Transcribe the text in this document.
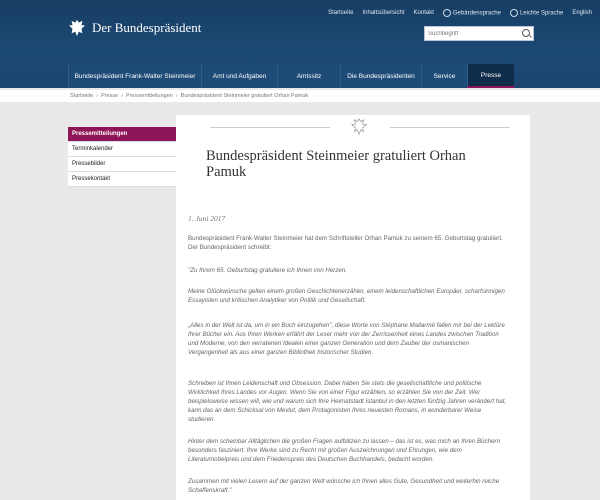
Der Bundespräsident
Startseite Inhaltsübersicht Kontakt	Gebärdensprache	Leichte Sprache English
Suchbegriff
Bundespräsident Frank-Walter Steinmeier	Amt und Aufgaben	Amtssitz	Die Bundespräsidenten	Service	Presse
Startseite › Presse › Pressemitteilungen › Bundespräsident Steinmeier gratuliert Orhan Pamuk
Pressemitteilungen
Terminkalender
Pressebilder
Pressekontakt
Bundespräsident Steinmeier gratuliert Orhan Pamuk
1. Juni 2017
Bundespräsident Frank-Walter Steinmeier hat dem Schriftsteller Orhan Pamuk zu seinem 65. Geburtstag gratuliert. Der Bundespräsident schreibt:
"Zu Ihrem 65. Geburtstag gratuliere ich Ihnen von Herzen.
Meine Glückwünsche gelten einem großen Geschichtenerzähler, einem leidenschaftlichen Europäer, scharfsinnigen Essayisten und kritischen Analytiker von Politik und Gesellschaft.
„Alles in der Welt ist da, um in ein Buch einzugehen", diese Worte von Stéphane Mallarmé fallen mir bei der Lektüre Ihrer Bücher ein. Aus Ihren Werken erfährt der Leser mehr von der Zerrissenheit eines Landes zwischen Tradition und Moderne, von den verratenen Idealen einer ganzen Generation und dem Zauber der osmanischen Vergangenheit als aus einer ganzen Bibliothek historischer Studien.
Schreiben ist Ihnen Leidenschaft und Obsession. Dabei haben Sie stets die gesellschaftliche und politische Wirklichkeit Ihres Landes vor Augen. Wenn Sie von einer Figur erzählen, so erzählen Sie von der Zeit. Wer beispielsweise wissen will, wie und warum sich Ihre Heimatstadt Istanbul in den letzten fünfzig Jahren verändert hat, kann das an dem Schicksal von Mevlut, dem Protagonisten Ihres neuesten Romans, in wunderbarer Weise studieren.
Hinter dem scheinbar Alltäglichen die großen Fragen aufblitzen zu lassen – das ist es, was mich an Ihren Büchern besonders fasziniert. Ihre Werke sind zu Recht mit großen Auszeichnungen und Ehrungen, wie dem Literaturnobelpreis und dem Friedenspreis des Deutschen Buchhandels, bedacht worden.
Zusammen mit vielen Lesern auf der ganzen Welt wünsche ich Ihnen alles Gute, Gesundheit und weiterhin reiche Schaffenskraft."
